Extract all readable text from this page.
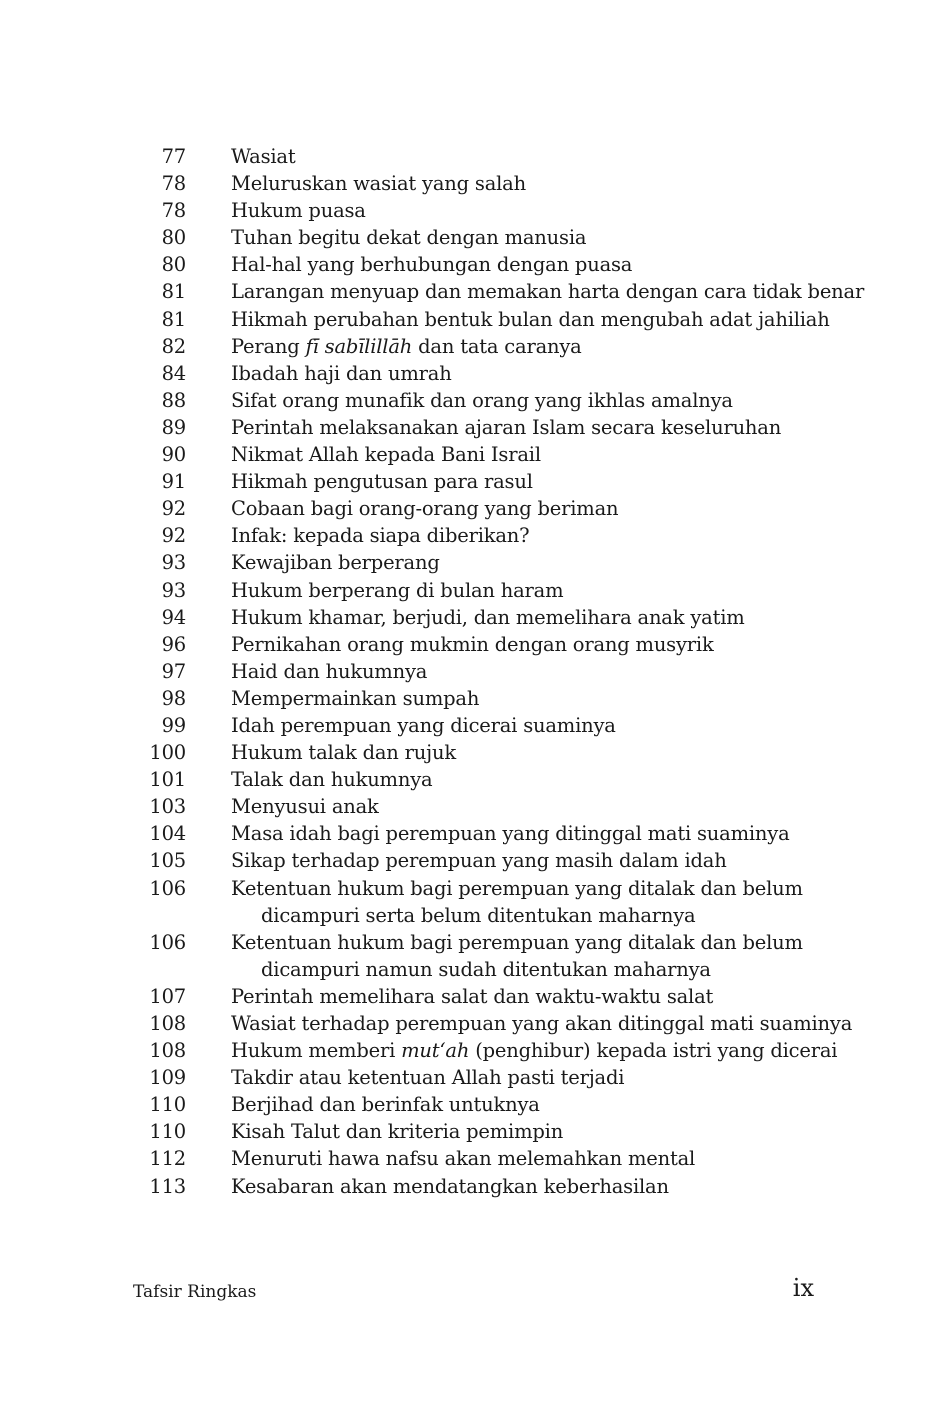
77 Wasiat
78 Meluruskan wasiat yang salah
78 Hukum puasa
80 Tuhan begitu dekat dengan manusia
80 Hal-hal yang berhubungan dengan puasa
81 Larangan menyuap dan memakan harta dengan cara tidak benar
81 Hikmah perubahan bentuk bulan dan mengubah adat jahiliah
82 Perang fī sabīlillāh dan tata caranya
84 Ibadah haji dan umrah
88 Sifat orang munafik dan orang yang ikhlas amalnya
89 Perintah melaksanakan ajaran Islam secara keseluruhan
90 Nikmat Allah kepada Bani Israil
91 Hikmah pengutusan para rasul
92 Cobaan bagi orang-orang yang beriman
92 Infak: kepada siapa diberikan?
93 Kewajiban berperang
93 Hukum berperang di bulan haram
94 Hukum khamar, berjudi, dan memelihara anak yatim
96 Pernikahan orang mukmin dengan orang musyrik
97 Haid dan hukumnya
98 Mempermainkan sumpah
99 Idah perempuan yang dicerai suaminya
100 Hukum talak dan rujuk
101 Talak dan hukumnya
103 Menyusui anak
104 Masa idah bagi perempuan yang ditinggal mati suaminya
105 Sikap terhadap perempuan yang masih dalam idah
106 Ketentuan hukum bagi perempuan yang ditalak dan belum
dicampuri serta belum ditentukan maharnya
106 Ketentuan hukum bagi perempuan yang ditalak dan belum
dicampuri namun sudah ditentukan maharnya
107 Perintah memelihara salat dan waktu-waktu salat
108 Wasiat terhadap perempuan yang akan ditinggal mati suaminya
108 Hukum memberi mut‘ah (penghibur) kepada istri yang dicerai
109 Takdir atau ketentuan Allah pasti terjadi
110 Berjihad dan berinfak untuknya
110 Kisah Talut dan kriteria pemimpin
112 Menuruti hawa nafsu akan melemahkan mental
113 Kesabaran akan mendatangkan keberhasilan
Tafsir Ringkas	ix
